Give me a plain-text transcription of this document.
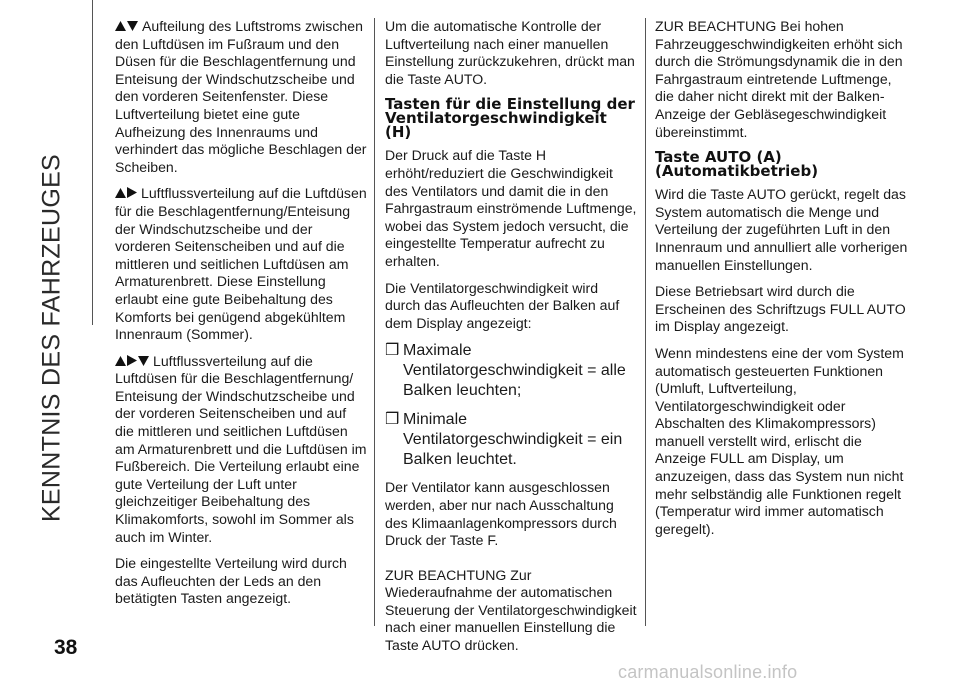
KENNTNIS DES FAHRZEUGES
38

Aufteilung des Luftstroms zwischen den Luftdüsen im Fußraum und den Düsen für die Beschlagentfernung und Enteisung der Windschutzscheibe und den vorderen Seitenfenster. Diese Luftverteilung bietet eine gute Aufheizung des Innenraums und verhindert das mögliche Beschlagen der Scheiben.

Luftflussverteilung auf die Luftdüsen für die Beschlagentfernung/Enteisung der Windschutzscheibe und der vorderen Seitenscheiben und auf die mittleren und seitlichen Luftdüsen am Armaturenbrett. Diese Einstellung erlaubt eine gute Beibehaltung des Komforts bei genügend abgekühltem Innenraum (Sommer).

Luftflussverteilung auf die Luftdüsen für die Beschlagentfernung/ Enteisung der Windschutzscheibe und der vorderen Seitenscheiben und auf die mittleren und seitlichen Luftdüsen am Armaturenbrett und die Luftdüsen im Fußbereich. Die Verteilung erlaubt eine gute Verteilung der Luft unter gleichzeitiger Beibehaltung des Klimakomforts, sowohl im Sommer als auch im Winter.

Die eingestellte Verteilung wird durch das Aufleuchten der Leds an den betätigten Tasten angezeigt.

Um die automatische Kontrolle der Luftverteilung nach einer manuellen Einstellung zurückzukehren, drückt man die Taste AUTO.

Tasten für die Einstellung der Ventilatorgeschwindigkeit (H)

Der Druck auf die Taste H erhöht/reduziert die Geschwindigkeit des Ventilators und damit die in den Fahrgastraum einströmende Luftmenge, wobei das System jedoch versucht, die eingestellte Temperatur aufrecht zu erhalten.

Die Ventilatorgeschwindigkeit wird durch das Aufleuchten der Balken auf dem Display angezeigt:

❒ Maximale Ventilatorgeschwindigkeit = alle Balken leuchten;

❒ Minimale Ventilatorgeschwindigkeit = ein Balken leuchtet.

Der Ventilator kann ausgeschlossen werden, aber nur nach Ausschaltung des Klimaanlagenkompressors durch Druck der Taste F.

ZUR BEACHTUNG Zur Wiederaufnahme der automatischen Steuerung der Ventilatorgeschwindigkeit nach einer manuellen Einstellung die Taste AUTO drücken.

ZUR BEACHTUNG Bei hohen Fahrzeuggeschwindigkeiten erhöht sich durch die Strömungsdynamik die in den Fahrgastraum eintretende Luftmenge, die daher nicht direkt mit der Balken-Anzeige der Gebläsegeschwindigkeit übereinstimmt.

Taste AUTO (A) (Automatikbetrieb)

Wird die Taste AUTO gerückt, regelt das System automatisch die Menge und Verteilung der zugeführten Luft in den Innenraum und annulliert alle vorherigen manuellen Einstellungen.

Diese Betriebsart wird durch die Erscheinen des Schriftzugs FULL AUTO im Display angezeigt.

Wenn mindestens eine der vom System automatisch gesteuerten Funktionen (Umluft, Luftverteilung, Ventilatorgeschwindigkeit oder Abschalten des Klimakompressors) manuell verstellt wird, erlischt die Anzeige FULL am Display, um anzuzeigen, dass das System nun nicht mehr selbständig alle Funktionen regelt (Temperatur wird immer automatisch geregelt).

carmanualsonline.info
